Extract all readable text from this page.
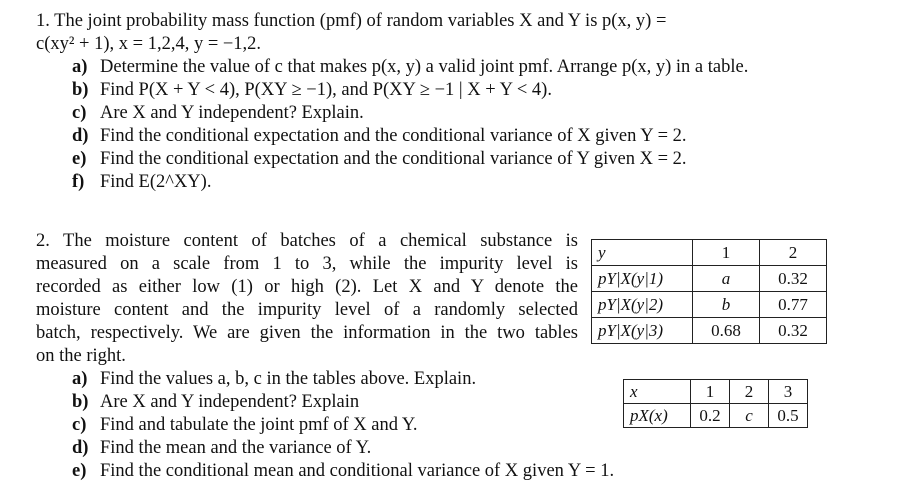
1. The joint probability mass function (pmf) of random variables X and Y is p(x, y) =
c(xy² + 1), x = 1,2,4, y = −1,2.
a) Determine the value of c that makes p(x, y) a valid joint pmf. Arrange p(x, y) in a table.
b) Find P(X + Y < 4), P(XY ≥ −1), and P(XY ≥ −1 | X + Y < 4).
c) Are X and Y independent? Explain.
d) Find the conditional expectation and the conditional variance of X given Y = 2.
e) Find the conditional expectation and the conditional variance of Y given X = 2.
f) Find E(2^XY).
2. The moisture content of batches of a chemical substance is
measured on a scale from 1 to 3, while the impurity level is
recorded as either low (1) or high (2). Let X and Y denote the
moisture content and the impurity level of a randomly selected
batch, respectively. We are given the information in the two tables
on the right.
a) Find the values a, b, c in the tables above. Explain.
b) Are X and Y independent? Explain
c) Find and tabulate the joint pmf of X and Y.
d) Find the mean and the variance of Y.
e) Find the conditional mean and conditional variance of X given Y = 1.
y	1	2
pY|X(y|1)	a	0.32
pY|X(y|2)	b	0.77
pY|X(y|3)	0.68	0.32
x	1	2	3
pX(x)	0.2	c	0.5
